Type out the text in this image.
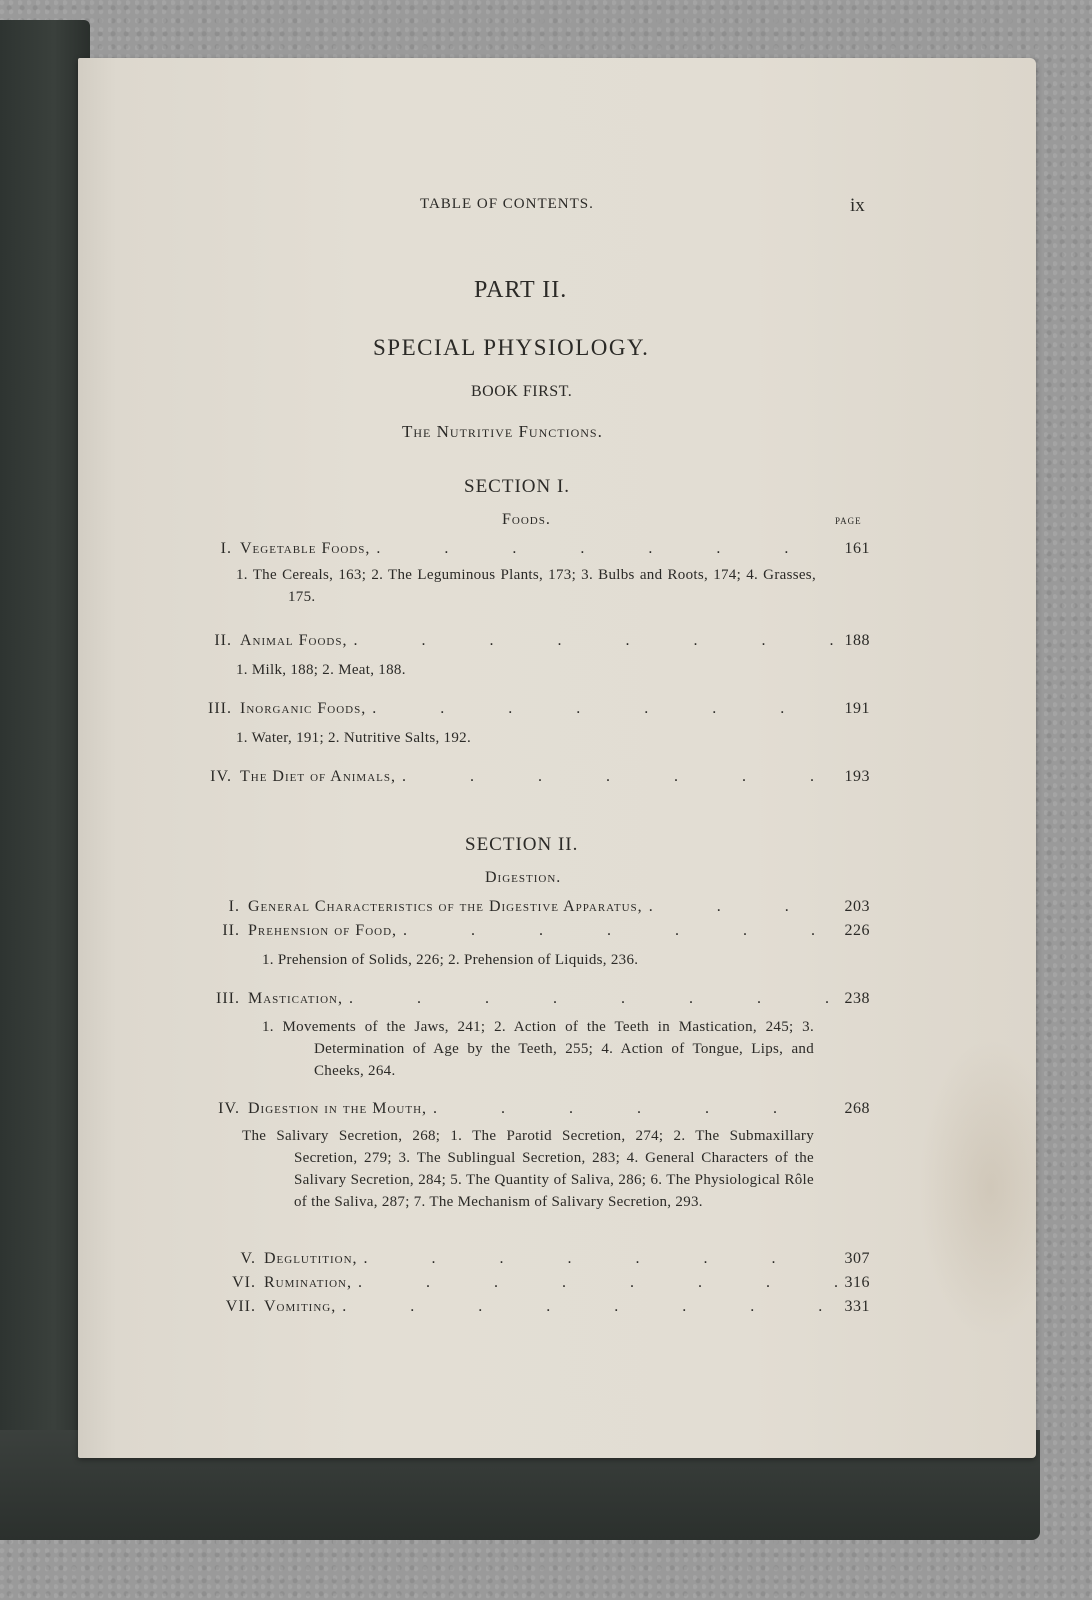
TABLE OF CONTENTS.	ix
PART II.
SPECIAL PHYSIOLOGY.
BOOK FIRST.
The Nutritive Functions.
SECTION I.
Foods.	PAGE
I. Vegetable Foods, .	161
1. The Cereals, 163; 2. The Leguminous Plants, 173; 3. Bulbs and Roots, 174; 4. Grasses, 175.
II. Animal Foods, .	188
1. Milk, 188; 2. Meat, 188.
III. Inorganic Foods, .	191
1. Water, 191; 2. Nutritive Salts, 192.
IV. The Diet of Animals, .	193
SECTION II.
Digestion.
I. General Characteristics of the Digestive Apparatus, .	203
II. Prehension of Food, .	226
1. Prehension of Solids, 226; 2. Prehension of Liquids, 236.
III. Mastication, .	238
1. Movements of the Jaws, 241; 2. Action of the Teeth in Mastication, 245; 3. Determination of Age by the Teeth, 255; 4. Action of Tongue, Lips, and Cheeks, 264.
IV. Digestion in the Mouth, .	268
The Salivary Secretion, 268; 1. The Parotid Secretion, 274; 2. The Submaxillary Secretion, 279; 3. The Sublingual Secretion, 283; 4. General Characters of the Salivary Secretion, 284; 5. The Quantity of Saliva, 286; 6. The Physiological Rôle of the Saliva, 287; 7. The Mechanism of Salivary Secretion, 293.
V. Deglutition, .	307
VI. Rumination, .	316
VII. Vomiting, .	331
